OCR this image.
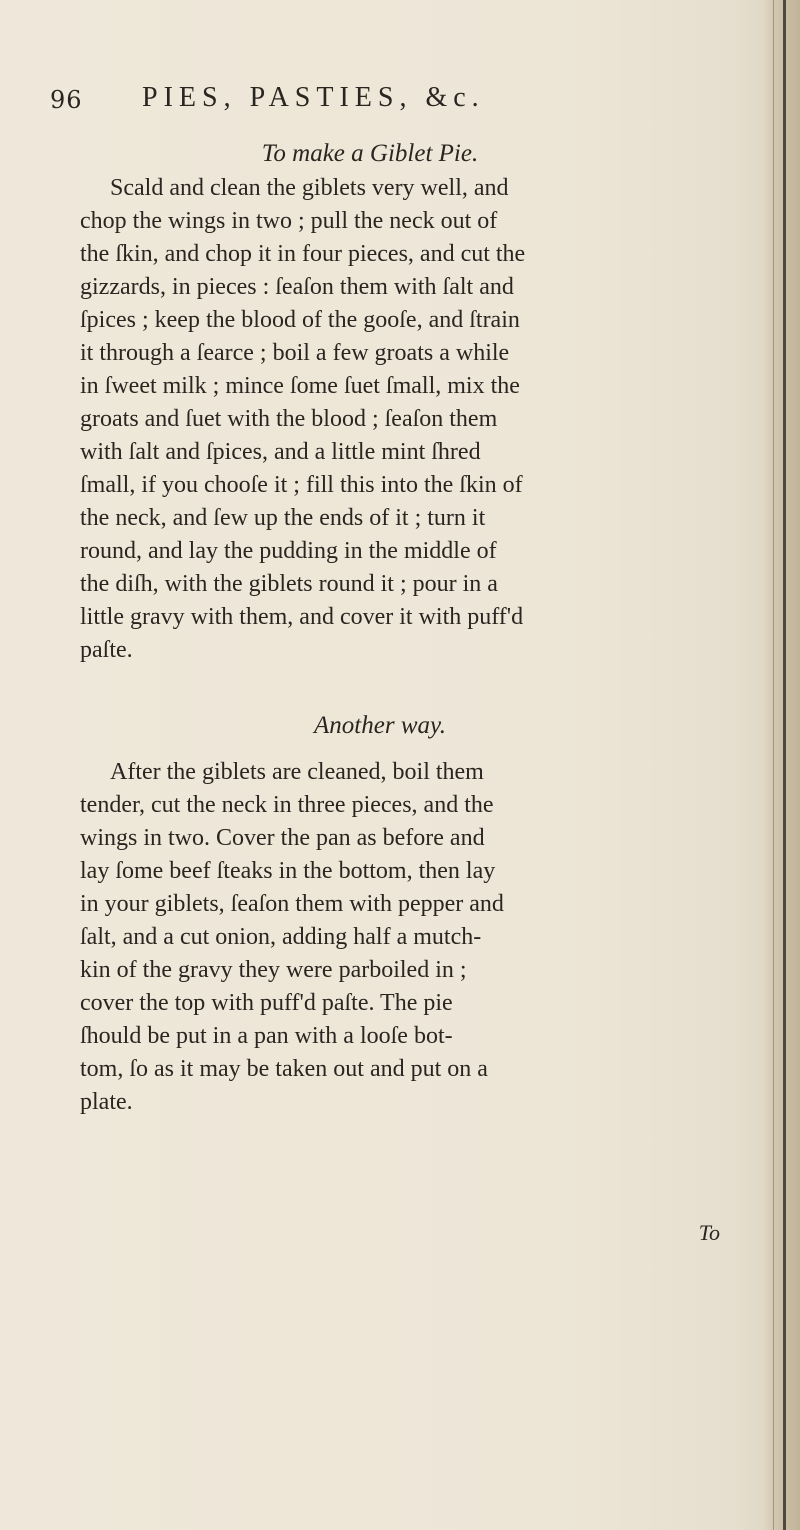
96 PIES, PASTIES, &c.
To make a Giblet Pie.
Scald and clean the giblets very well, and
chop the wings in two ; pull the neck out of
the ſkin, and chop it in four pieces, and cut the
gizzards, in pieces : ſeaſon them with ſalt and
ſpices ; keep the blood of the gooſe, and ſtrain
it through a ſearce ; boil a few groats a while
in ſweet milk ; mince ſome ſuet ſmall, mix the
groats and ſuet with the blood ; ſeaſon them
with ſalt and ſpices, and a little mint ſhred
ſmall, if you chooſe it ; fill this into the ſkin of
the neck, and ſew up the ends of it ; turn it
round, and lay the pudding in the middle of
the diſh, with the giblets round it ; pour in a
little gravy with them, and cover it with puff'd
paſte.
Another way.
After the giblets are cleaned, boil them
tender, cut the neck in three pieces, and the
wings in two. Cover the pan as before and
lay ſome beef ſteaks in the bottom, then lay
in your giblets, ſeaſon them with pepper and
ſalt, and a cut onion, adding half a mutch-
kin of the gravy they were parboiled in ;
cover the top with puff'd paſte. The pie
ſhould be put in a pan with a looſe bot-
tom, ſo as it may be taken out and put on a
plate.
To
